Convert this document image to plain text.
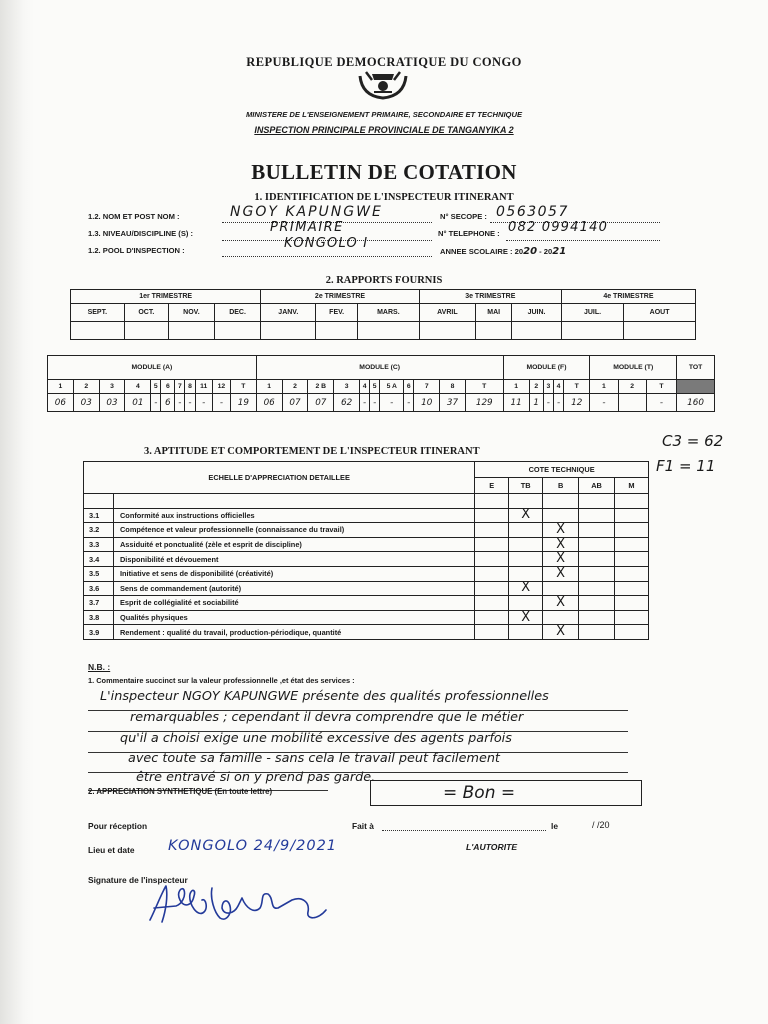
REPUBLIQUE DEMOCRATIQUE DU CONGO
MINISTERE DE L'ENSEIGNEMENT PRIMAIRE, SECONDAIRE ET TECHNIQUE
INSPECTION PRINCIPALE PROVINCIALE DE TANGANYIKA 2
BULLETIN DE COTATION
1. IDENTIFICATION DE L'INSPECTEUR ITINERANT
1.2. NOM ET POST NOM :	NGOY KAPUNGWE	N° SECOPE : 0563057
1.3. NIVEAU/DISCIPLINE (S) :	PRIMAIRE	N° TELEPHONE : 082 0994140
1.2. POOL D'INSPECTION :	KONGOLO I
ANNEE SCOLAIRE : 2020 - 2021
2. RAPPORTS FOURNIS
1er TRIMESTRE				2e TRIMESTRE			3e TRIMESTRE			4e TRIMESTRE	
SEPT.	OCT.	NOV.	DEC.	JANV.	FEV.	MARS.	AVRIL	MAI	JUIN.	JUIL.	AOUT

MODULE (A)											MODULE (C)											MODULE (F)					MODULE (T)			TOT
1	2	3	4	5	6	7	8	11	12	T	1	2	2 B	3	4	5	5 A	6	7	8	T	1	2	3	4	T	1	2	T	
06	03	03	01	-	6	-	-	-	-	19	06	07	07	62	-	-	-	-	10	37	129	11	1	-	-	12	-		-	160
3. APTITUDE ET COMPORTEMENT DE L'INSPECTEUR ITINERANT
C3 = 62
F1 = 11
ECHELLE D'APPRECIATION DETAILLEE		COTE TECHNIQUE				
		E	TB	B	AB	M

3.1	Conformité aux instructions officielles		X			
3.2	Compétence et valeur professionnelle (connaissance du travail)			X		
3.3	Assiduité et ponctualité (zèle et esprit de discipline)			X		
3.4	Disponibilité et dévouement			X		
3.5	Initiative et sens de disponibilité (créativité)			X		
3.6	Sens de commandement (autorité)		X			
3.7	Esprit de collégialité et sociabilité			X		
3.8	Qualités physiques		X			
3.9	Rendement : qualité du travail, production-périodique, quantité			X		
N.B. :
1. Commentaire succinct sur la valeur professionnelle ,et état des services :
L'inspecteur NGOY KAPUNGWE présente des qualités professionnelles
remarquables ; cependant il devra comprendre que le métier
qu'il a choisi exige une mobilité excessive des agents parfois
avec toute sa famille - sans cela le travail peut facilement
être entravé si on y prend pas garde.
2. APPRECIATION SYNTHETIQUE (En toute lettre)	= Bon =
Pour réception	Fait à	le	/ /20
Lieu et date KONGOLO 24/9/2021	L'AUTORITE
Signature de l'inspecteur
